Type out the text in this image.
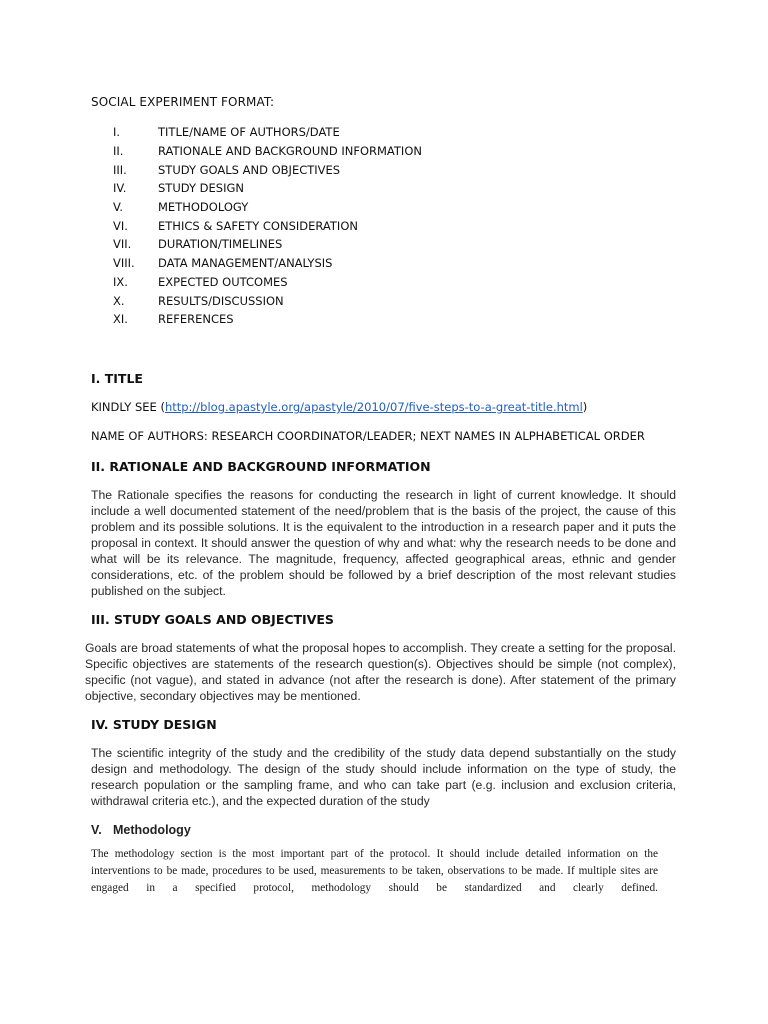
SOCIAL EXPERIMENT FORMAT:
I.	TITLE/NAME OF AUTHORS/DATE
II.	RATIONALE AND BACKGROUND INFORMATION
III.	STUDY GOALS AND OBJECTIVES
IV.	STUDY DESIGN
V.	METHODOLOGY
VI.	ETHICS & SAFETY CONSIDERATION
VII.	DURATION/TIMELINES
VIII.	DATA MANAGEMENT/ANALYSIS
IX.	EXPECTED OUTCOMES
X.	RESULTS/DISCUSSION
XI.	REFERENCES
I. TITLE
KINDLY SEE (http://blog.apastyle.org/apastyle/2010/07/five-steps-to-a-great-title.html)
NAME OF AUTHORS: RESEARCH COORDINATOR/LEADER; NEXT NAMES IN ALPHABETICAL ORDER
II. RATIONALE AND BACKGROUND INFORMATION

The Rationale specifies the reasons for conducting the research in light of current knowledge. It should include a well documented statement of the need/problem that is the basis of the project, the cause of this problem and its possible solutions. It is the equivalent to the introduction in a research paper and it puts the proposal in context. It should answer the question of why and what: why the research needs to be done and what will be its relevance. The magnitude, frequency, affected geographical areas, ethnic and gender considerations, etc. of the problem should be followed by a brief description of the most relevant studies published on the subject.

III. STUDY GOALS AND OBJECTIVES

Goals are broad statements of what the proposal hopes to accomplish. They create a setting for the proposal. Specific objectives are statements of the research question(s). Objectives should be simple (not complex), specific (not vague), and stated in advance (not after the research is done). After statement of the primary objective, secondary objectives may be mentioned.

IV. STUDY DESIGN

The scientific integrity of the study and the credibility of the study data depend substantially on the study design and methodology. The design of the study should include information on the type of study, the research population or the sampling frame, and who can take part (e.g. inclusion and exclusion criteria, withdrawal criteria etc.), and the expected duration of the study

V. Methodology

The methodology section is the most important part of the protocol. It should include detailed information on the interventions to be made, procedures to be used, measurements to be taken, observations to be made. If multiple sites are engaged in a specified protocol, methodology should be standardized and clearly defined.
